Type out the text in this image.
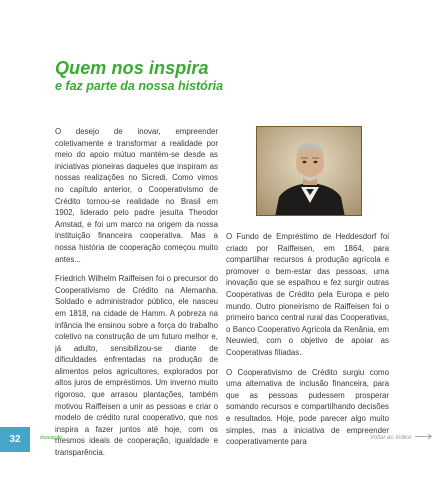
Quem nos inspira
e faz parte da nossa história

O desejo de inovar, empreender coletivamente e transformar a realidade por meio do apoio mútuo mantém-se desde as iniciativas pioneiras daqueles que inspiram as nossas realizações no Sicredi. Como vimos no capítulo anterior, o Cooperativismo de Crédito tornou-se realidade no Brasil em 1902, liderado pelo padre jesuíta Theodor Amstad, e foi um marco na origem da nossa instituição financeira cooperativa. Mas a nossa história de cooperação começou muito antes...

Friedrich Wilhelm Raiffeisen foi o precursor do Cooperativismo de Crédito na Alemanha. Soldado e administrador público, ele nasceu em 1818, na cidade de Hamm. A pobreza na infância lhe ensinou sobre a força do trabalho coletivo na construção de um futuro melhor e, já adulto, sensibilizou-se diante de dificuldades enfrentadas na produção de alimentos pelos agricultores, explorados por altos juros de empréstimos. Um inverno muito rigoroso, que arrasou plantações, também motivou Raiffeisen a unir as pessoas e criar o modelo de crédito rural cooperativo, que nos inspira a fazer juntos até hoje, com os mesmos ideais de cooperação, igualdade e transparência.

O Fundo de Empréstimo de Heddesdorf foi criado por Raiffeisen, em 1864, para compartilhar recursos à produção agrícola e promover o bem-estar das pessoas, uma inovação que se espalhou e fez surgir outras Cooperativas de Crédito pela Europa e pelo mundo. Outro pioneirismo de Raiffeisen foi o primeiro banco central rural das Cooperativas, o Banco Cooperativo Agrícola da Renânia, em Neuwied, com o objetivo de apoiar as Cooperativas filiadas.

O Cooperativismo de Crédito surgiu como uma alternativa de inclusão financeira, para que as pessoas pudessem prosperar somando recursos e compartilhando decisões e resultados. Hoje, pode parecer algo muito simples, mas a iniciativa de empreender cooperativamente para

32	Inovação	Voltar ao índice
